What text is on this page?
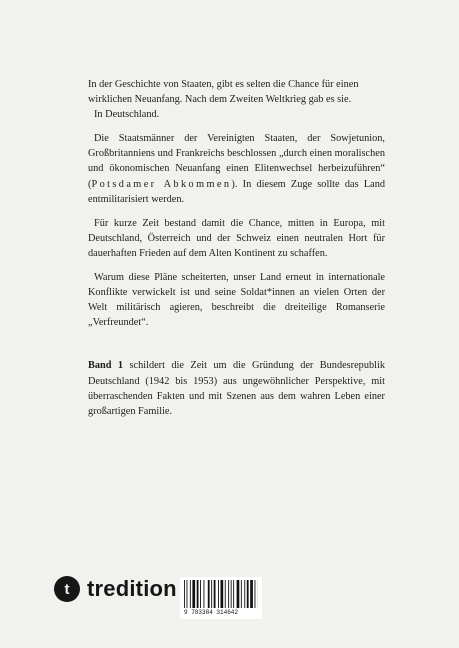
In der Geschichte von Staaten, gibt es selten die Chance für einen wirklichen Neuanfang. Nach dem Zweiten Weltkrieg gab es sie.

In Deutschland.

Die Staatsmänner der Vereinigten Staaten, der Sowjetunion, Großbritanniens und Frankreichs beschlossen „durch einen moralischen und ökonomischen Neuanfang einen Elitenwechsel herbeizuführen“ (Potsdamer Abkommen). In diesem Zuge sollte das Land entmilitarisiert werden.

Für kurze Zeit bestand damit die Chance, mitten in Europa, mit Deutschland, Österreich und der Schweiz einen neutralen Hort für dauerhaften Frieden auf dem Alten Kontinent zu schaffen.

Warum diese Pläne scheiterten, unser Land erneut in internationale Konflikte verwickelt ist und seine Soldat*innen an vielen Orten der Welt militärisch agieren, beschreibt die dreiteilige Romanserie „Verfreundet“.

Band 1 schildert die Zeit um die Gründung der Bundesrepublik Deutschland (1942 bis 1953) aus ungewöhnlicher Perspektive, mit überraschenden Fakten und mit Szenen aus dem wahren Leben einer großartigen Familie.

t tredition
9 783384 314642
